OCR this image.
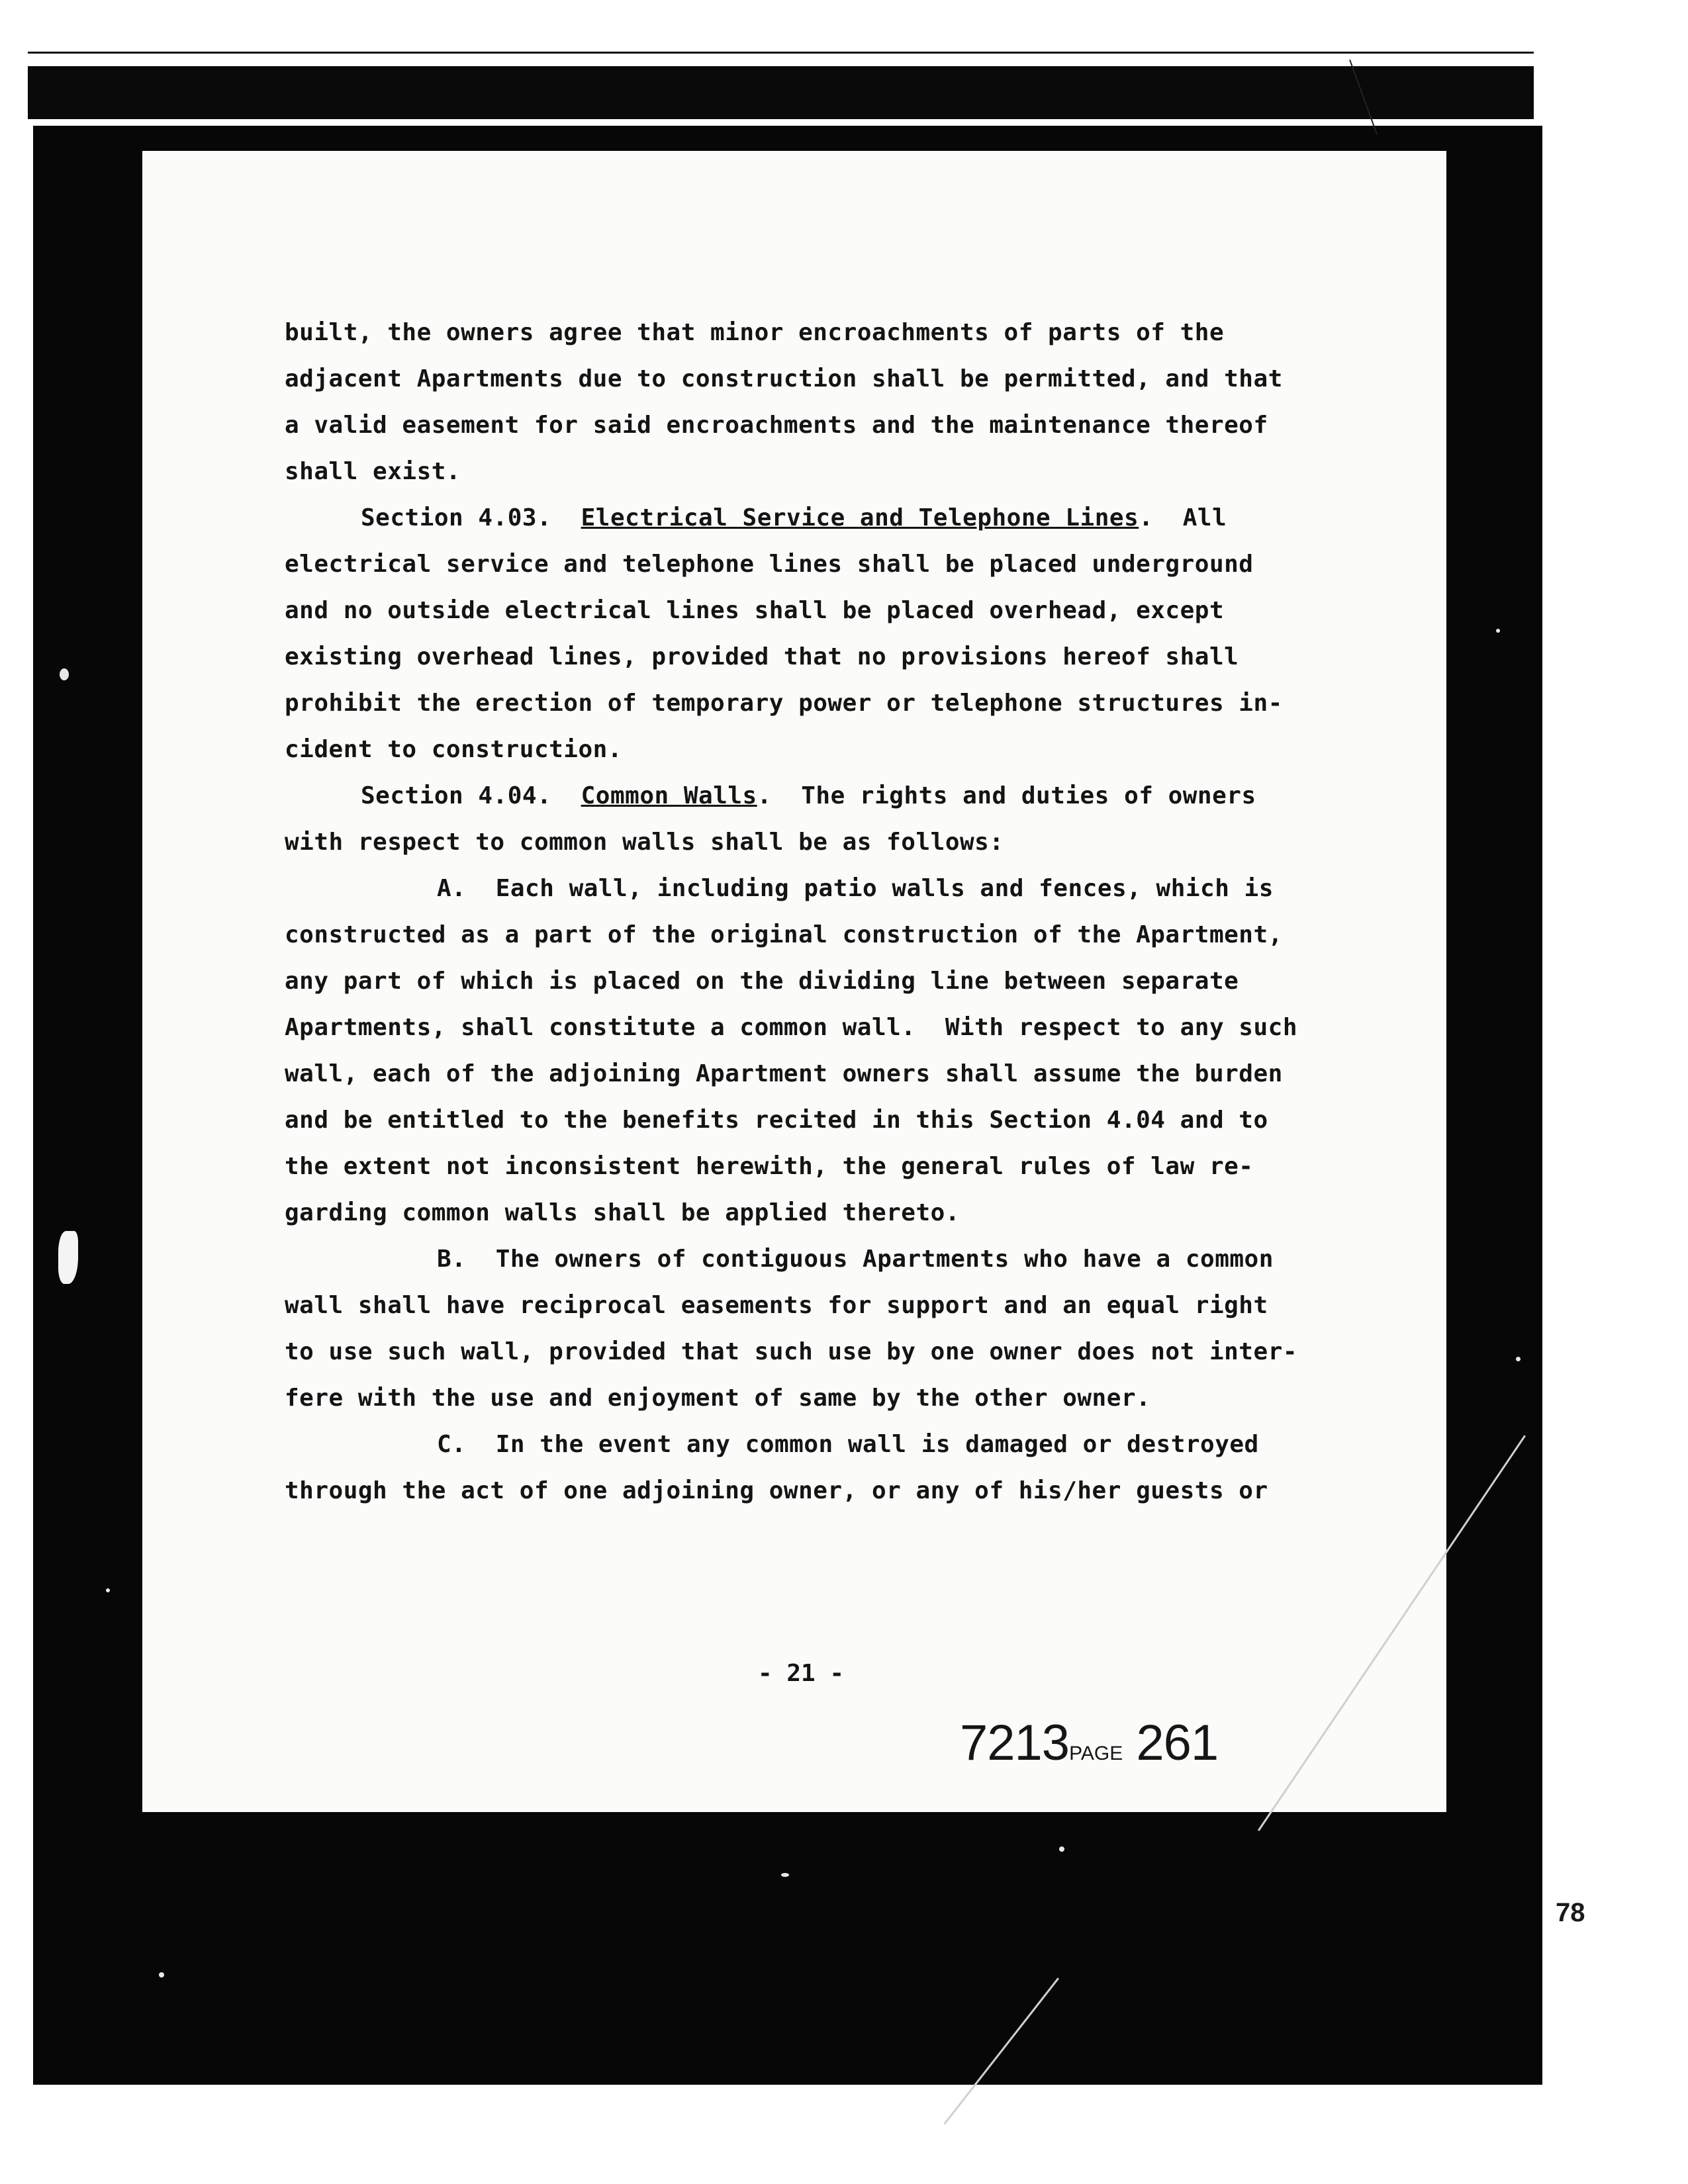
built, the owners agree that minor encroachments of parts of the
adjacent Apartments due to construction shall be permitted, and that
a valid easement for said encroachments and the maintenance thereof
shall exist.
Section 4.03. Electrical Service and Telephone Lines.  All
electrical service and telephone lines shall be placed underground
and no outside electrical lines shall be placed overhead, except
existing overhead lines, provided that no provisions hereof shall
prohibit the erection of temporary power or telephone structures in-
cident to construction.
Section 4.04. Common Walls.  The rights and duties of owners
with respect to common walls shall be as follows:
A.  Each wall, including patio walls and fences, which is
constructed as a part of the original construction of the Apartment,
any part of which is placed on the dividing line between separate
Apartments, shall constitute a common wall.  With respect to any such
wall, each of the adjoining Apartment owners shall assume the burden
and be entitled to the benefits recited in this Section 4.04 and to
the extent not inconsistent herewith, the general rules of law re-
garding common walls shall be applied thereto.
B.  The owners of contiguous Apartments who have a common
wall shall have reciprocal easements for support and an equal right
to use such wall, provided that such use by one owner does not inter-
fere with the use and enjoyment of same by the other owner.
C.  In the event any common wall is damaged or destroyed
through the act of one adjoining owner, or any of his/her guests or
- 21 -
7213PAGE 261
78
